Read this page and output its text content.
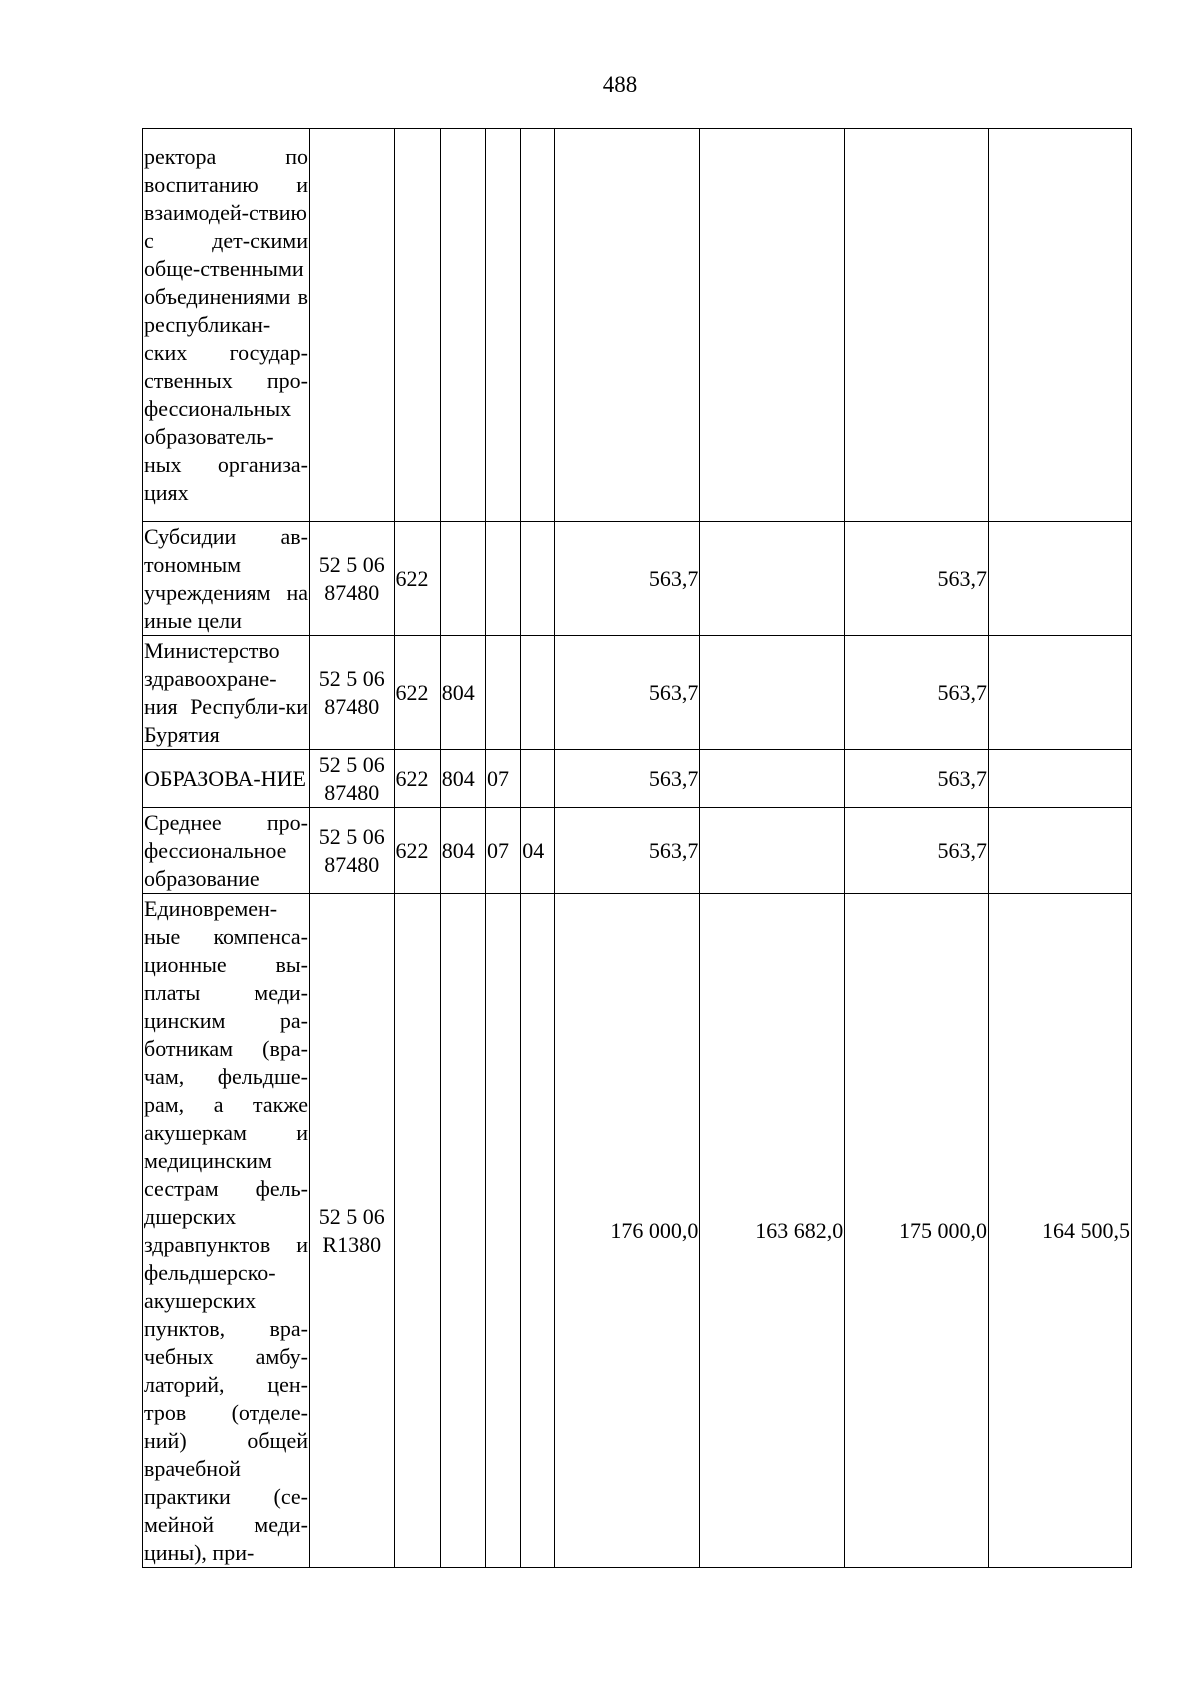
488
ректора по воспитанию и взаимодей-ствию с дет-скими обще-ственными объединениями в республикан-ских государ-ственных про-фессиональных образователь-ных организа-циях									
Субсидии ав-тономным учреждениям на иные цели	52 5 06 87480	622				563,7		563,7	
Министерство здравоохране-ния Республи-ки Бурятия	52 5 06 87480	622	804			563,7		563,7	
ОБРАЗОВА-НИЕ	52 5 06 87480	622	804	07		563,7		563,7	
Среднее про-фессиональное образование	52 5 06 87480	622	804	07	04	563,7		563,7	
Единовремен-ные компенса-ционные вы-платы меди-цинским ра-ботникам (вра-чам, фельдше-рам, а также акушеркам и медицинским сестрам фель-дшерских здравпунктов и фельдшерско-акушерских пунктов, вра-чебных амбу-латорий, цен-тров (отделе-ний) общей врачебной практики (се-мейной меди-цины), при-	52 5 06 R1380					176 000,0	163 682,0	175 000,0	164 500,5
